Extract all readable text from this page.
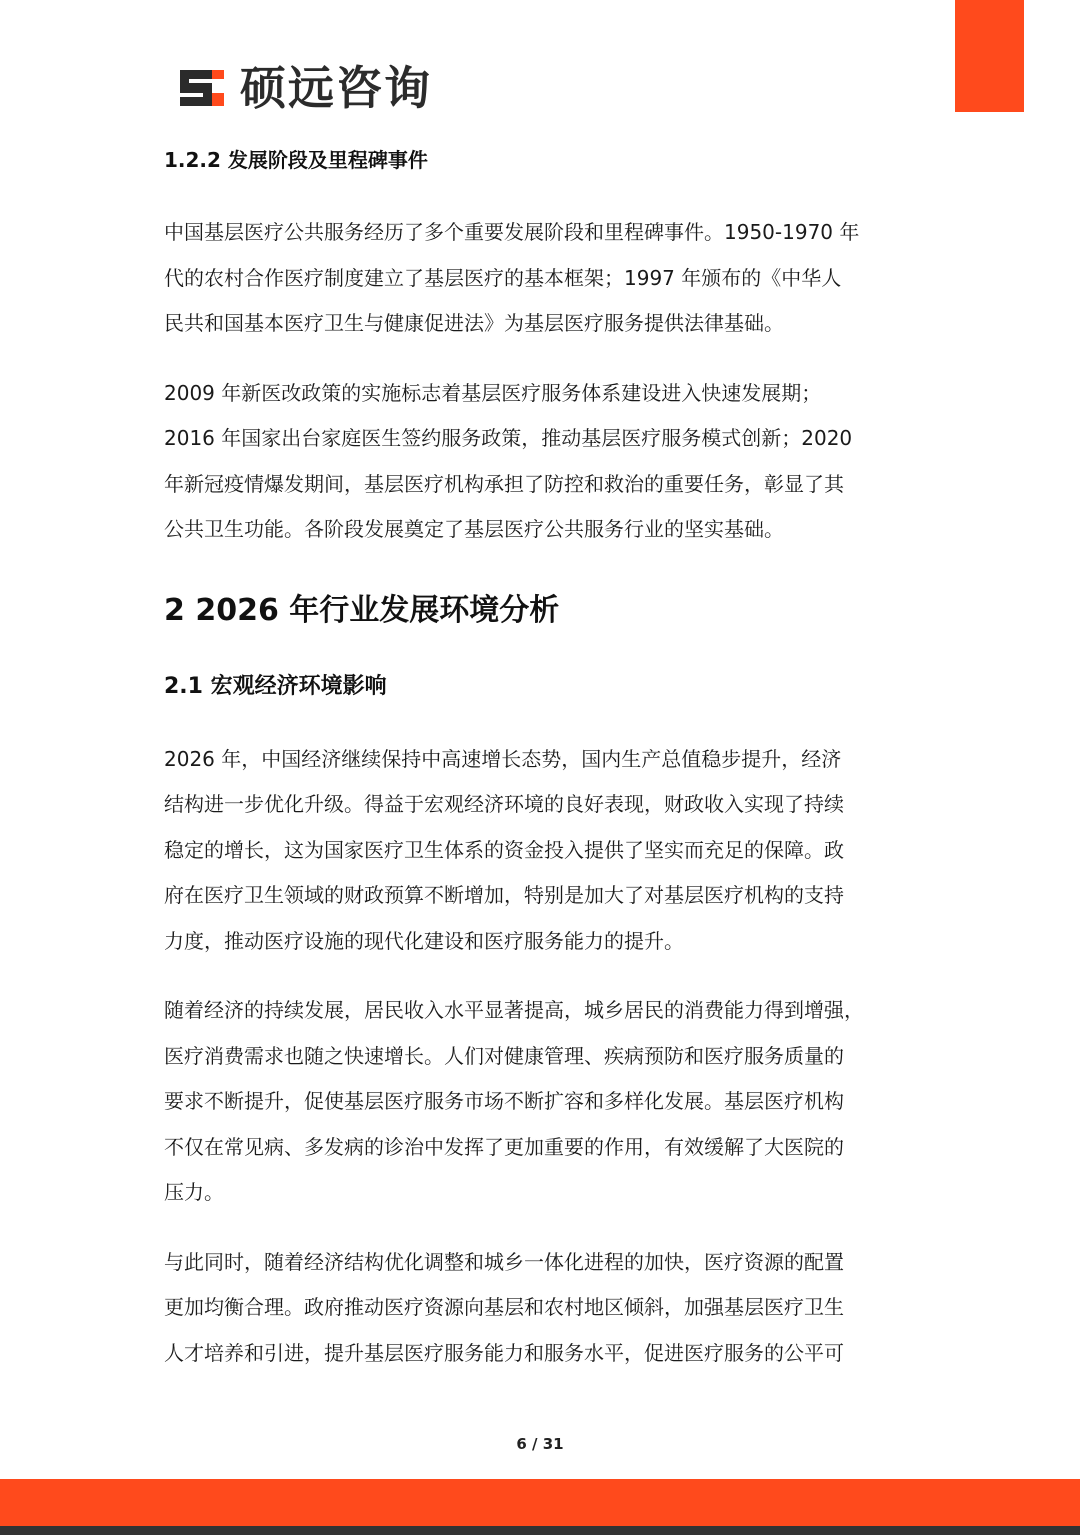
硕远咨询
1.2.2 发展阶段及里程碑事件

中国基层医疗公共服务经历了多个重要发展阶段和里程碑事件。1950-1970 年
代的农村合作医疗制度建立了基层医疗的基本框架；1997 年颁布的《中华人
民共和国基本医疗卫生与健康促进法》为基层医疗服务提供法律基础。

2009 年新医改政策的实施标志着基层医疗服务体系建设进入快速发展期；
2016 年国家出台家庭医生签约服务政策，推动基层医疗服务模式创新；2020
年新冠疫情爆发期间，基层医疗机构承担了防控和救治的重要任务，彰显了其
公共卫生功能。各阶段发展奠定了基层医疗公共服务行业的坚实基础。

2 2026 年行业发展环境分析
2.1 宏观经济环境影响

2026 年，中国经济继续保持中高速增长态势，国内生产总值稳步提升，经济
结构进一步优化升级。得益于宏观经济环境的良好表现，财政收入实现了持续
稳定的增长，这为国家医疗卫生体系的资金投入提供了坚实而充足的保障。政
府在医疗卫生领域的财政预算不断增加，特别是加大了对基层医疗机构的支持
力度，推动医疗设施的现代化建设和医疗服务能力的提升。

随着经济的持续发展，居民收入水平显著提高，城乡居民的消费能力得到增强，
医疗消费需求也随之快速增长。人们对健康管理、疾病预防和医疗服务质量的
要求不断提升，促使基层医疗服务市场不断扩容和多样化发展。基层医疗机构
不仅在常见病、多发病的诊治中发挥了更加重要的作用，有效缓解了大医院的
压力。

与此同时，随着经济结构优化调整和城乡一体化进程的加快，医疗资源的配置
更加均衡合理。政府推动医疗资源向基层和农村地区倾斜，加强基层医疗卫生
人才培养和引进，提升基层医疗服务能力和服务水平，促进医疗服务的公平可

6 / 31
